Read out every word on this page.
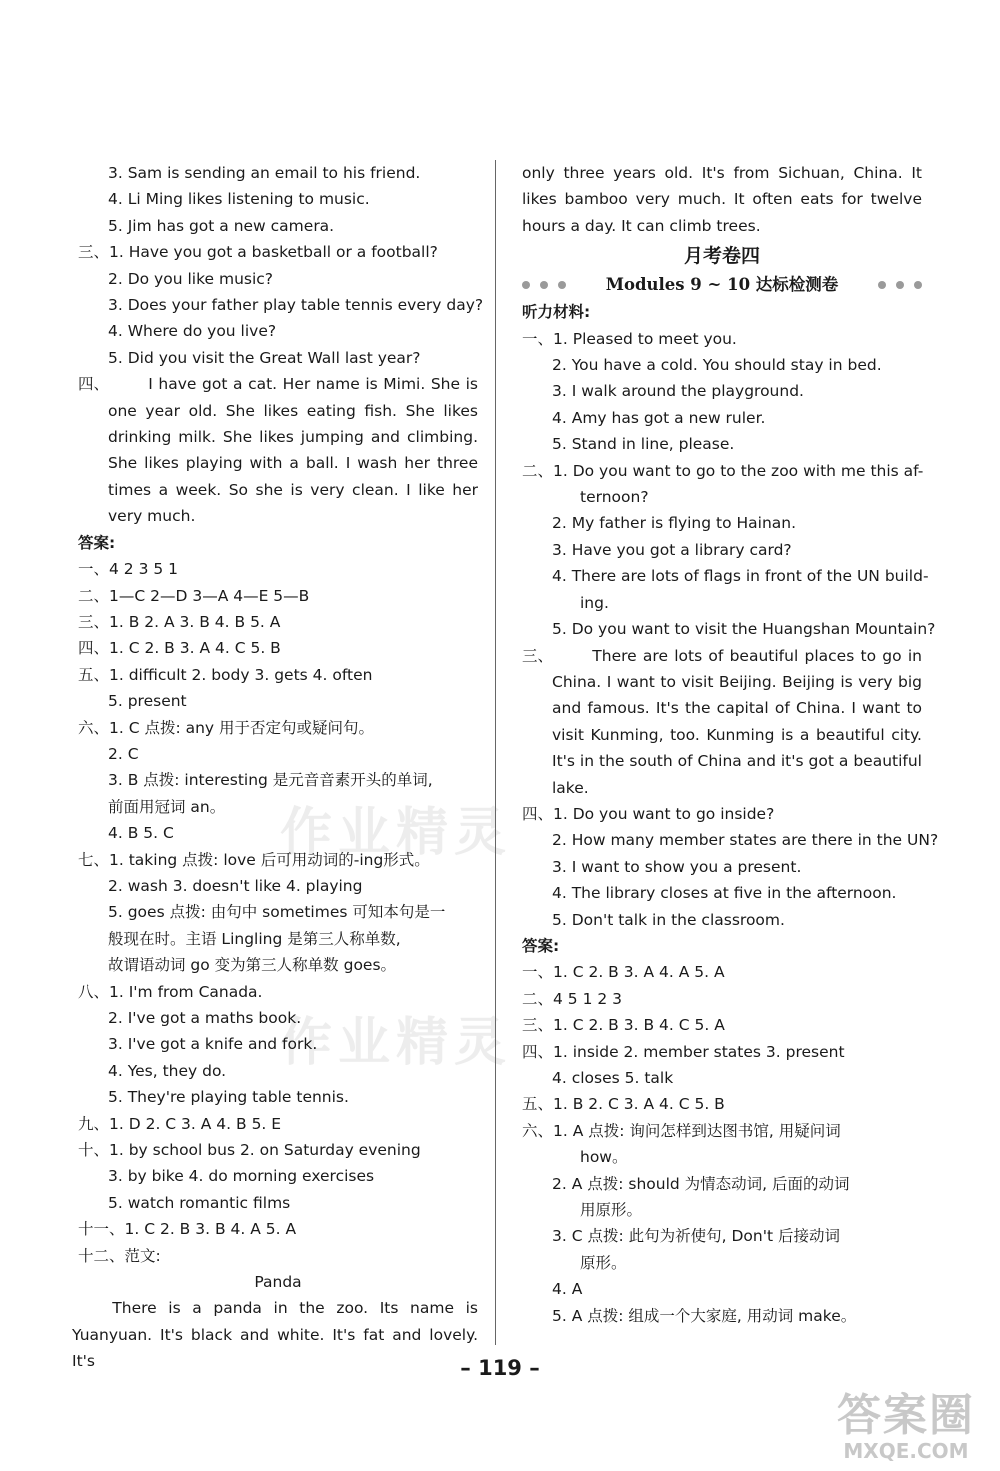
作业精灵
作业精灵
3. Sam is sending an email to his friend.
4. Li Ming likes listening to music.
5. Jim has got a new camera.
三、1. Have you got a basketball or a football?
2. Do you like music?
3. Does your father play table tennis every day?
4. Where do you live?
5. Did you visit the Great Wall last year?
四、	I have got a cat. Her name is Mimi. She is one year old. She likes eating fish. She likes drinking milk. She likes jumping and climbing. She likes playing with a ball. I wash her three times a week. So she is very clean. I like her very much.
答案:
一、4 2 3 5 1
二、1—C 2—D 3—A 4—E 5—B
三、1. B 2. A 3. B 4. B 5. A
四、1. C 2. B 3. A 4. C 5. B
五、1. difficult 2. body 3. gets 4. often
5. present
六、1. C 点拨: any 用于否定句或疑问句。
2. C
3. B 点拨: interesting 是元音音素开头的单词,
前面用冠词 an。
4. B 5. C
七、1. taking 点拨: love 后可用动词的-ing形式。
2. wash 3. doesn't like 4. playing
5. goes 点拨: 由句中 sometimes 可知本句是一
般现在时。主语 Lingling 是第三人称单数,
故谓语动词 go 变为第三人称单数 goes。
八、1. I'm from Canada.
2. I've got a maths book.
3. I've got a knife and fork.
4. Yes, they do.
5. They're playing table tennis.
九、1. D 2. C 3. A 4. B 5. E
十、1. by school bus 2. on Saturday evening
3. by bike 4. do morning exercises
5. watch romantic films
十一、1. C 2. B 3. B 4. A 5. A
十二、范文:
Panda
There is a panda in the zoo. Its name is Yuanyuan. It's black and white. It's fat and lovely. It's
only three years old. It's from Sichuan, China. It likes bamboo very much. It often eats for twelve hours a day. It can climb trees.
月考卷四
Modules 9 ~ 10 达标检测卷
听力材料:
一、1. Pleased to meet you.
2. You have a cold. You should stay in bed.
3. I walk around the playground.
4. Amy has got a new ruler.
5. Stand in line, please.
二、1. Do you want to go to the zoo with me this af-
ternoon?
2. My father is flying to Hainan.
3. Have you got a library card?
4. There are lots of flags in front of the UN build-
ing.
5. Do you want to visit the Huangshan Mountain?
三、	There are lots of beautiful places to go in China. I want to visit Beijing. Beijing is very big and famous. It's the capital of China. I want to visit Kunming, too. Kunming is a beautiful city. It's in the south of China and it's got a beautiful lake.
四、1. Do you want to go inside?
2. How many member states are there in the UN?
3. I want to show you a present.
4. The library closes at five in the afternoon.
5. Don't talk in the classroom.
答案:
一、1. C 2. B 3. A 4. A 5. A
二、4 5 1 2 3
三、1. C 2. B 3. B 4. C 5. A
四、1. inside 2. member states 3. present
4. closes 5. talk
五、1. B 2. C 3. A 4. C 5. B
六、1. A 点拨: 询问怎样到达图书馆, 用疑问词
how。
2. A 点拨: should 为情态动词, 后面的动词
用原形。
3. C 点拨: 此句为祈使句, Don't 后接动词
原形。
4. A
5. A 点拨: 组成一个大家庭, 用动词 make。
– 119 –
答案圈
MXQE.COM
